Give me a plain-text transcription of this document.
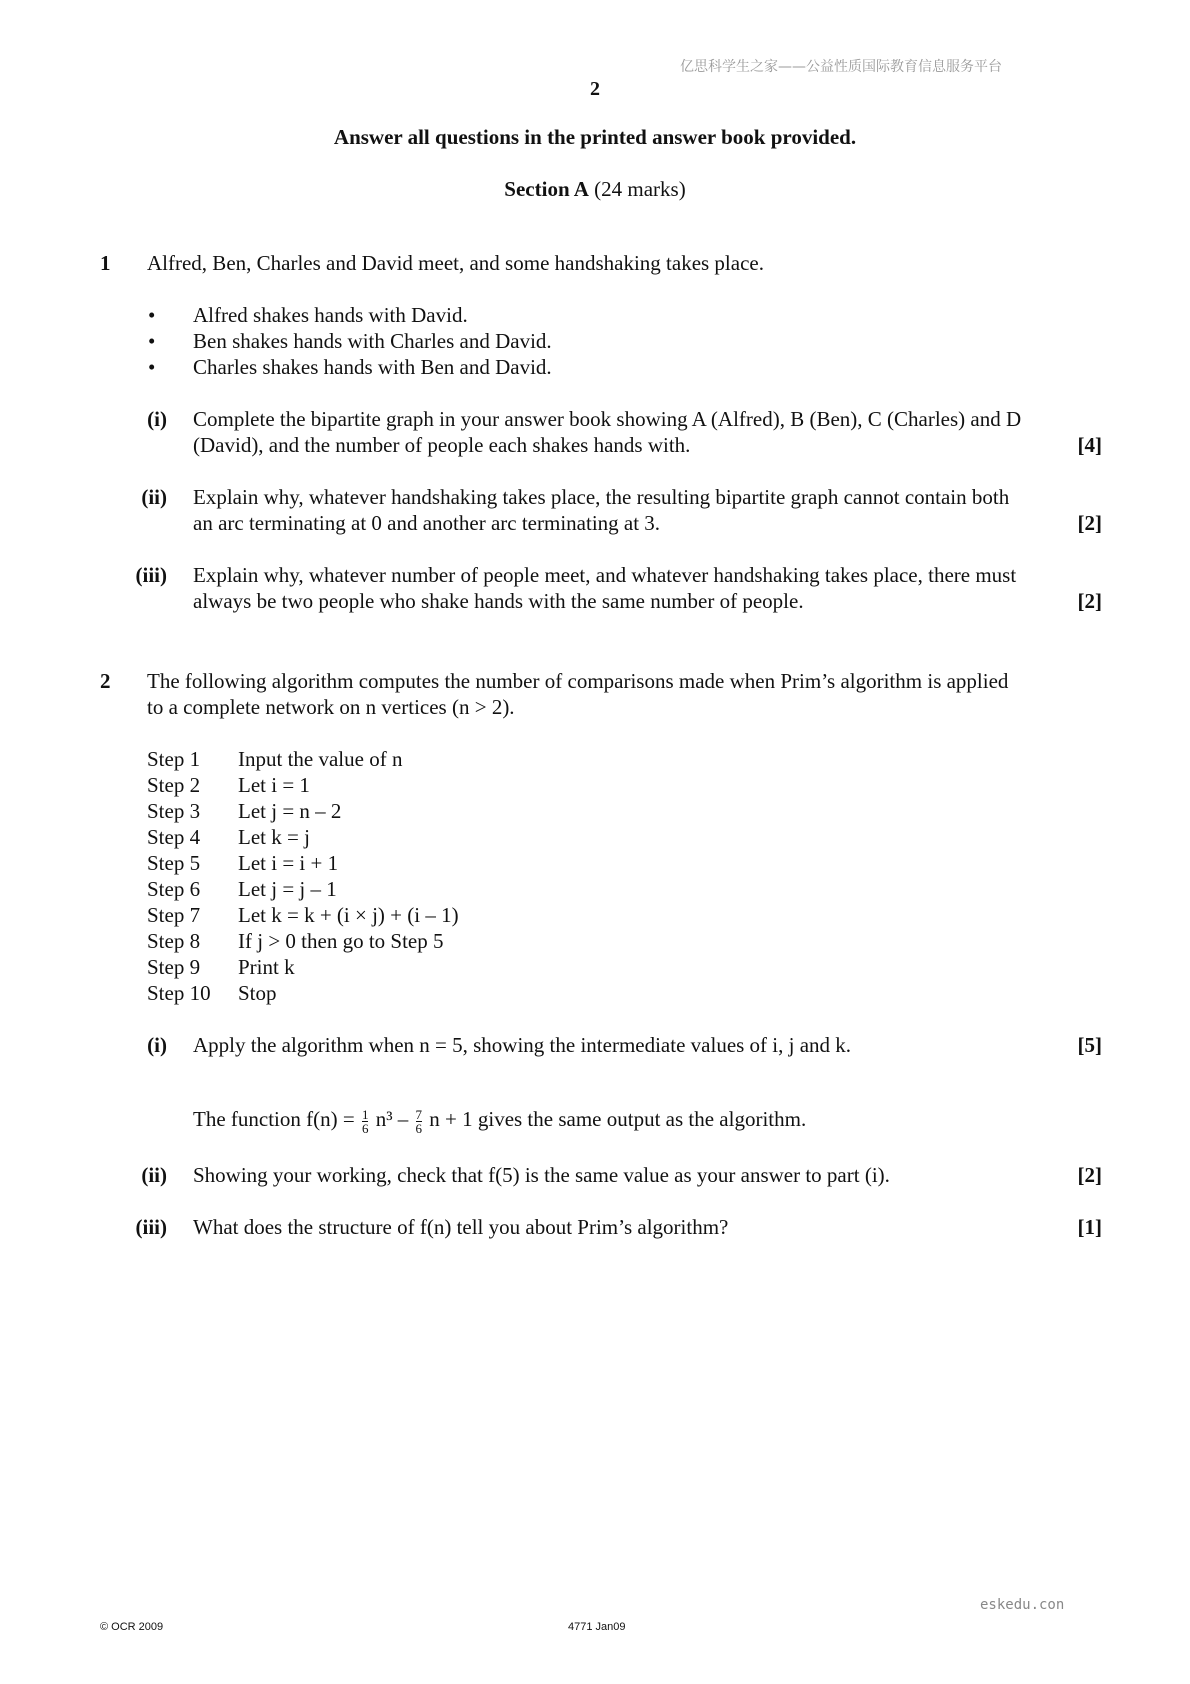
亿思科学生之家——公益性质国际教育信息服务平台
2
Answer all questions in the printed answer book provided.
Section A (24 marks)
1 Alfred, Ben, Charles and David meet, and some handshaking takes place.
• Alfred shakes hands with David.
• Ben shakes hands with Charles and David.
• Charles shakes hands with Ben and David.
(i) Complete the bipartite graph in your answer book showing A (Alfred), B (Ben), C (Charles) and D
(David), and the number of people each shakes hands with.	[4]
(ii) Explain why, whatever handshaking takes place, the resulting bipartite graph cannot contain both
an arc terminating at 0 and another arc terminating at 3.	[2]
(iii) Explain why, whatever number of people meet, and whatever handshaking takes place, there must
always be two people who shake hands with the same number of people.	[2]
2 The following algorithm computes the number of comparisons made when Prim’s algorithm is applied
to a complete network on n vertices (n > 2).
Step 1 Input the value of n
Step 2 Let i = 1
Step 3 Let j = n – 2
Step 4 Let k = j
Step 5 Let i = i + 1
Step 6 Let j = j – 1
Step 7 Let k = k + (i × j) + (i – 1)
Step 8 If j > 0 then go to Step 5
Step 9 Print k
Step 10 Stop
(i) Apply the algorithm when n = 5, showing the intermediate values of i, j and k.	[5]
The function $f(n) = \frac{1}{6} n^3 - \frac{7}{6}$ n + 1 gives the same output as the algorithm.
(ii) Showing your working, check that f(5) is the same value as your answer to part (i).	[2]
(iii) What does the structure of f(n) tell you about Prim’s algorithm?	[1]
eskedu.con
© OCR 2009	4771 Jan09
